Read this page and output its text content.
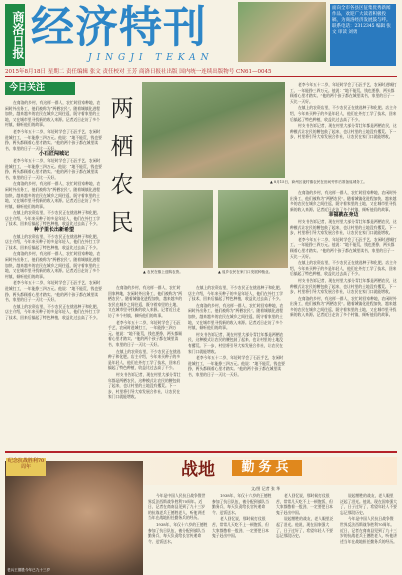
商洛日报 经济特刊
JINGJI TEKAN
面向全市各县区征集优秀新闻作品，欢迎广大读者积极投稿，为商洛经济发展鼓与呼。联系电话：2312345 编辑 张文 审读 刘勇
2015年8月18日 星期二 责任编辑 张文 责任校对 王芳 商洛日报社出版 国内统一连续出版物号 CN61—0045
今日关注

在商洛的乡村，有这样一群人，农忙时回家种地，农闲时外出务工，他们被称为“两栖农民”。随着城镇化进程加快，越来越多的农民在城乡之间往返，既守着家里的土地，又在城市里寻找新的收入来源。记者近日走访了多个村镇，倾听他们的故事。

老李今年五十二岁，年轻时学会了石匠手艺，农闲时进城打工，一年能挣三四万元。他说：“地不能荒，钱也要挣，两头都顾着心里才踏实。”他的两个孩子都在城里读书，家里的日子一天比一天好。

小石匠闯城记

老李今年五十二岁，年轻时学会了石匠手艺，农闲时进城打工，一年能挣三四万元。他说：“地不能荒，钱也要挣，两头都顾着心里才踏实。”他的两个孩子都在城里读书，家里的日子一天比一天好。

在商洛的乡村，有这样一群人，农忙时回家种地，农闲时外出务工，他们被称为“两栖农民”。随着城镇化进程加快，越来越多的农民在城乡之间往返，既守着家里的土地，又在城市里寻找新的收入来源。记者近日走访了多个村镇，倾听他们的故事。

在镇上的农资店里，不少农民正在挑选种子和化肥。店主介绍，今年来买种子的多是年轻人，他们在外打工学了技术，回来后搞起了特色种植，收益比过去高了不少。

种子里长出新希望

在镇上的农资店里，不少农民正在挑选种子和化肥。店主介绍，今年来买种子的多是年轻人，他们在外打工学了技术，回来后搞起了特色种植，收益比过去高了不少。

在商洛的乡村，有这样一群人，农忙时回家种地，农闲时外出务工，他们被称为“两栖农民”。随着城镇化进程加快，越来越多的农民在城乡之间往返，既守着家里的土地，又在城市里寻找新的收入来源。记者近日走访了多个村镇，倾听他们的故事。

老李今年五十二岁，年轻时学会了石匠手艺，农闲时进城打工，一年能挣三四万元。他说：“地不能荒，钱也要挣，两头都顾着心里才踏实。”他的两个孩子都在城里读书，家里的日子一天比一天好。

在镇上的农资店里，不少农民正在挑选种子和化肥。店主介绍，今年来买种子的多是年轻人，他们在外打工学了技术，回来后搞起了特色种植，收益比过去高了不少。

两
栖
农
民
▲ 8月15日，商州区夜村镇农民在田间劳作后准备返城务工。
▲ 农民在镇上选购农资。	▲ 返乡农民在家门口发展种植业。

老李今年五十二岁，年轻时学会了石匠手艺，农闲时进城打工，一年能挣三四万元。他说：“地不能荒，钱也要挣，两头都顾着心里才踏实。”他的两个孩子都在城里读书，家里的日子一天比一天好。

在镇上的农资店里，不少农民正在挑选种子和化肥。店主介绍，今年来买种子的多是年轻人，他们在外打工学了技术，回来后搞起了特色种植，收益比过去高了不少。

村支书告诉记者，现在村里大部分青壮年都是两栖农民，这种模式让农民的腰包鼓了起来，也让村里的土地没有撂荒。下一步，村里将引导大家发展合作社，让农民在家门口就能增收。

在商洛的乡村，有这样一群人，农忙时回家种地，农闲时外出务工，他们被称为“两栖农民”。随着城镇化进程加快，越来越多的农民在城乡之间往返，既守着家里的土地，又在城市里寻找新的收入来源。记者近日走访了多个村镇，倾听他们的故事。

老李今年五十二岁，年轻时学会了石匠手艺，农闲时进城打工，一年能挣三四万元。他说：“地不能荒，钱也要挣，两头都顾着心里才踏实。”他的两个孩子都在城里读书，家里的日子一天比一天好。

在镇上的农资店里，不少农民正在挑选种子和化肥。店主介绍，今年来买种子的多是年轻人，他们在外打工学了技术，回来后搞起了特色种植，收益比过去高了不少。

村支书告诉记者，现在村里大部分青壮年都是两栖农民，这种模式让农民的腰包鼓了起来，也让村里的土地没有撂荒。下一步，村里将引导大家发展合作社，让农民在家门口就能增收。

在镇上的农资店里，不少农民正在挑选种子和化肥。店主介绍，今年来买种子的多是年轻人，他们在外打工学了技术，回来后搞起了特色种植，收益比过去高了不少。

在商洛的乡村，有这样一群人，农忙时回家种地，农闲时外出务工，他们被称为“两栖农民”。随着城镇化进程加快，越来越多的农民在城乡之间往返，既守着家里的土地，又在城市里寻找新的收入来源。记者近日走访了多个村镇，倾听他们的故事。

村支书告诉记者，现在村里大部分青壮年都是两栖农民，这种模式让农民的腰包鼓了起来，也让村里的土地没有撂荒。下一步，村里将引导大家发展合作社，让农民在家门口就能增收。

老李今年五十二岁，年轻时学会了石匠手艺，农闲时进城打工，一年能挣三四万元。他说：“地不能荒，钱也要挣，两头都顾着心里才踏实。”他的两个孩子都在城里读书，家里的日子一天比一天好。

在商洛的乡村，有这样一群人，农忙时回家种地，农闲时外出务工，他们被称为“两栖农民”。随着城镇化进程加快，越来越多的农民在城乡之间往返，既守着家里的土地，又在城市里寻找新的收入来源。记者近日走访了多个村镇，倾听他们的故事。

幸福就在身边

村支书告诉记者，现在村里大部分青壮年都是两栖农民，这种模式让农民的腰包鼓了起来，也让村里的土地没有撂荒。下一步，村里将引导大家发展合作社，让农民在家门口就能增收。

老李今年五十二岁，年轻时学会了石匠手艺，农闲时进城打工，一年能挣三四万元。他说：“地不能荒，钱也要挣，两头都顾着心里才踏实。”他的两个孩子都在城里读书，家里的日子一天比一天好。

在镇上的农资店里，不少农民正在挑选种子和化肥。店主介绍，今年来买种子的多是年轻人，他们在外打工学了技术，回来后搞起了特色种植，收益比过去高了不少。

村支书告诉记者，现在村里大部分青壮年都是两栖农民，这种模式让农民的腰包鼓了起来，也让村里的土地没有撂荒。下一步，村里将引导大家发展合作社，让农民在家门口就能增收。

在商洛的乡村，有这样一群人，农忙时回家种地，农闲时外出务工，他们被称为“两栖农民”。随着城镇化进程加快，越来越多的农民在城乡之间往返，既守着家里的土地，又在城市里寻找新的收入来源。记者近日走访了多个村镇，倾听他们的故事。

纪念抗战胜利70周年
老兵王德胜今年已九十三岁
战地	勤务兵
文/图 记者 张 华

今年是中国人民抗日战争暨世界反法西斯战争胜利70周年。近日，记者在商南县见到了九十三岁的抗战老兵王德胜老人，听他讲述当年在战地担任勤务兵的经历。

1938年，年仅十六岁的王德胜参加了抗日队伍，被分配到部队当勤务兵，每天负责给长官传递命令、送饭送水。

1938年，年仅十六岁的王德胜参加了抗日队伍，被分配到部队当勤务兵，每天负责给长官传递命令、送饭送水。

老人回忆说，那时候打仗很苦，常常几天吃不上一顿饱饭，但大家都憋着一股劲，一定要把日本鬼子赶出中国。

老人回忆说，那时候打仗很苦，常常几天吃不上一顿饱饭，但大家都憋着一股劲，一定要把日本鬼子赶出中国。

说起牺牲的战友，老人眼里泛起了泪光。他说，现在国家强大了，日子过好了，希望年轻人不要忘记那段历史。

说起牺牲的战友，老人眼里泛起了泪光。他说，现在国家强大了，日子过好了，希望年轻人不要忘记那段历史。

今年是中国人民抗日战争暨世界反法西斯战争胜利70周年。近日，记者在商南县见到了九十三岁的抗战老兵王德胜老人，听他讲述当年在战地担任勤务兵的经历。
